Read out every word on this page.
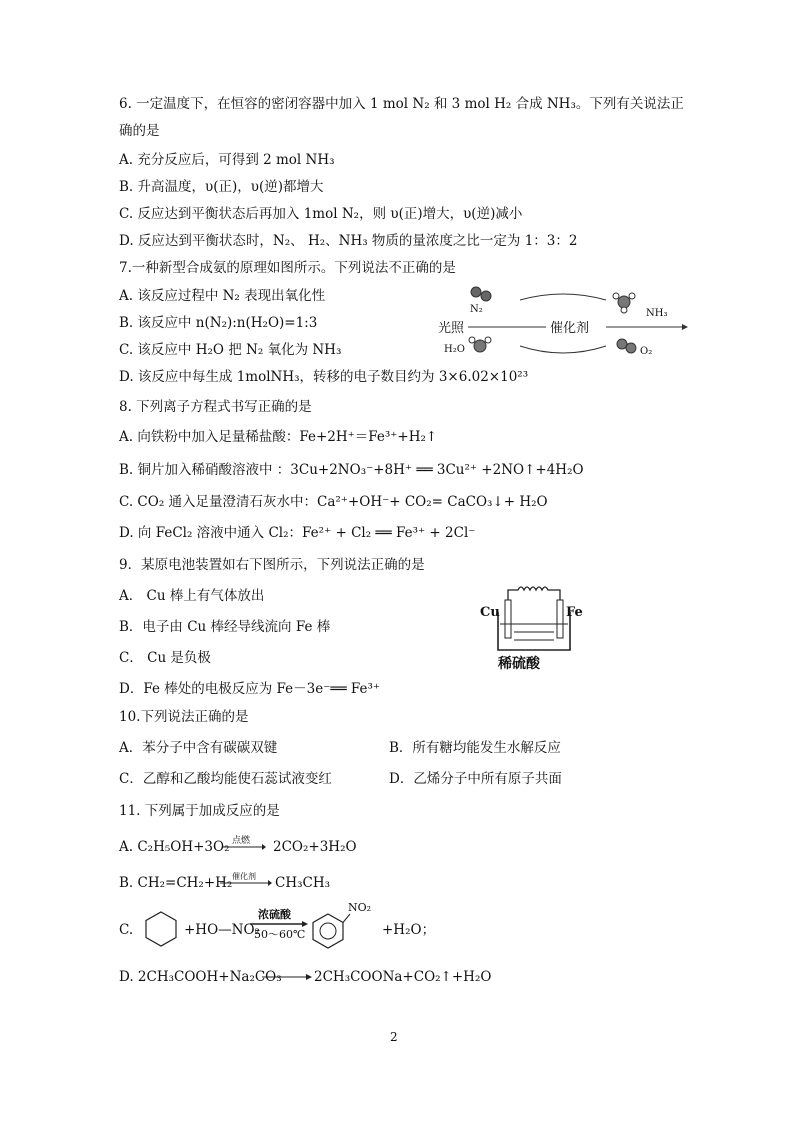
6. 一定温度下，在恒容的密闭容器中加入 1 mol N₂ 和 3 mol H₂ 合成 NH₃。下列有关说法正
确的是
A. 充分反应后，可得到 2 mol NH₃
B. 升高温度，υ(正)，υ(逆)都增大
C. 反应达到平衡状态后再加入 1mol N₂，则 υ(正)增大，υ(逆)减小
D. 反应达到平衡状态时，N₂、 H₂、NH₃ 物质的量浓度之比一定为 1：3：2
7.一种新型合成氨的原理如图所示。下列说法不正确的是
A. 该反应过程中 N₂ 表现出氧化性
B. 该反应中 n(N₂):n(H₂O)=1:3
C. 该反应中 H₂O 把 N₂ 氧化为 NH₃
D. 该反应中每生成 1molNH₃，转移的电子数目约为 3×6.02×10²³
N₂	NH₃
光照	催化剂
H₂O	O₂
8. 下列离子方程式书写正确的是
A. 向铁粉中加入足量稀盐酸：Fe+2H⁺＝Fe³⁺+H₂↑
B. 铜片加入稀硝酸溶液中 ：3Cu+2NO₃⁻+8H⁺ ══ 3Cu²⁺ +2NO↑+4H₂O
C. CO₂ 通入足量澄清石灰水中：Ca²⁺+OH⁻+ CO₂= CaCO₃↓+ H₂O
D. 向 FeCl₂ 溶液中通入 Cl₂：Fe²⁺ + Cl₂ ══ Fe³⁺ + 2Cl⁻
9．某原电池装置如右下图所示，下列说法正确的是
A． Cu 棒上有气体放出
B．电子由 Cu 棒经导线流向 Fe 棒
C． Cu 是负极
D．Fe 棒处的电极反应为 Fe－3e⁻══ Fe³⁺
Cu	Fe
稀硫酸
10.下列说法正确的是
A．苯分子中含有碳碳双键	B．所有糖均能发生水解反应
C．乙醇和乙酸均能使石蕊试液变红	D．乙烯分子中所有原子共面
11. 下列属于加成反应的是
A. C₂H₅OH+3O₂ 点燃 2CO₂+3H₂O
B. CH₂=CH₂+H₂ 催化剂 CH₃CH₃
C.	+HO—NO₂
浓硫酸
50～60℃
NO₂
+H₂O；
D. 2CH₃COOH+Na₂CO₃ 2CH₃COONa+CO₂↑+H₂O
2
